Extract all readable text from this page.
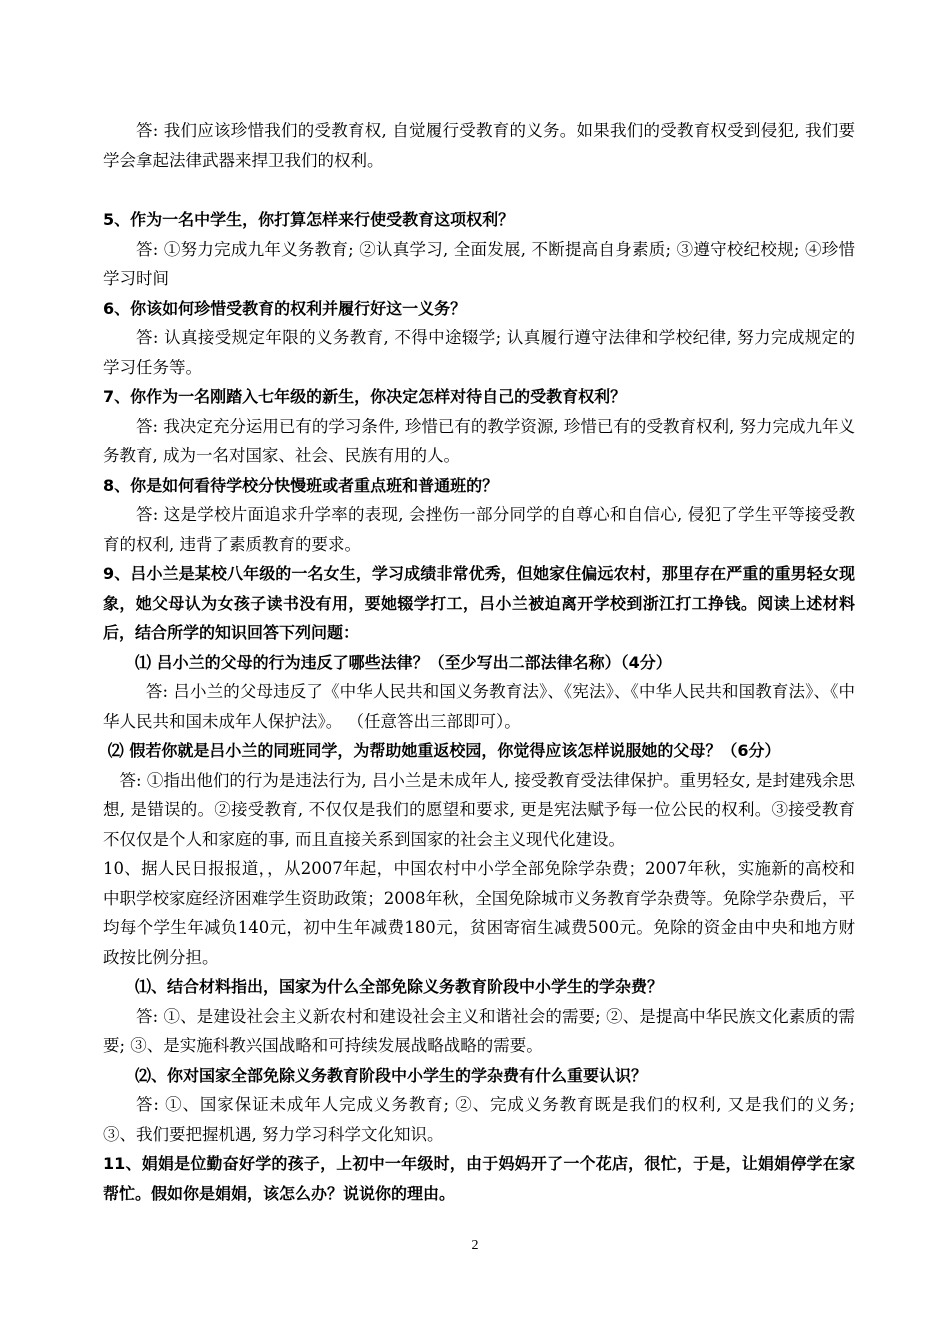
答: 我们应该珍惜我们的受教育权, 自觉履行受教育的义务。如果我们的受教育权受到侵犯, 我们要学会拿起法律武器来捍卫我们的权利。

5、作为一名中学生，你打算怎样来行使受教育这项权利？

答: ①努力完成九年义务教育; ②认真学习, 全面发展, 不断提高自身素质; ③遵守校纪校规; ④珍惜学习时间

6、你该如何珍惜受教育的权利并履行好这一义务？

答: 认真接受规定年限的义务教育, 不得中途辍学; 认真履行遵守法律和学校纪律, 努力完成规定的学习任务等。

7、你作为一名刚踏入七年级的新生，你决定怎样对待自己的受教育权利？

答: 我决定充分运用已有的学习条件, 珍惜已有的教学资源, 珍惜已有的受教育权利, 努力完成九年义务教育, 成为一名对国家、社会、民族有用的人。

8、你是如何看待学校分快慢班或者重点班和普通班的？

答: 这是学校片面追求升学率的表现, 会挫伤一部分同学的自尊心和自信心, 侵犯了学生平等接受教育的权利, 违背了素质教育的要求。

9、吕小兰是某校八年级的一名女生，学习成绩非常优秀，但她家住偏远农村，那里存在严重的重男轻女现象，她父母认为女孩子读书没有用，要她辍学打工，吕小兰被迫离开学校到浙江打工挣钱。阅读上述材料后，结合所学的知识回答下列问题：

⑴ 吕小兰的父母的行为违反了哪些法律？（至少写出二部法律名称）（4分）

答: 吕小兰的父母违反了《中华人民共和国义务教育法》、《宪法》、《中华人民共和国教育法》、《中华人民共和国未成年人保护法》。 （任意答出三部即可）。

⑵ 假若你就是吕小兰的同班同学，为帮助她重返校园，你觉得应该怎样说服她的父母？（6分）

答: ①指出他们的行为是违法行为, 吕小兰是未成年人, 接受教育受法律保护。重男轻女, 是封建残余思想, 是错误的。②接受教育, 不仅仅是我们的愿望和要求, 更是宪法赋予每一位公民的权利。③接受教育不仅仅是个人和家庭的事, 而且直接关系到国家的社会主义现代化建设。

10、据人民日报报道，，从2007年起，中国农村中小学全部免除学杂费；2007年秋，实施新的高校和中职学校家庭经济困难学生资助政策；2008年秋，全国免除城市义务教育学杂费等。免除学杂费后，平均每个学生年减负140元，初中生年减费180元，贫困寄宿生减费500元。免除的资金由中央和地方财政按比例分担。

⑴、结合材料指出，国家为什么全部免除义务教育阶段中小学生的学杂费？

答: ①、是建设社会主义新农村和建设社会主义和谐社会的需要; ②、是提高中华民族文化素质的需要; ③、是实施科教兴国战略和可持续发展战略战略的需要。

⑵、你对国家全部免除义务教育阶段中小学生的学杂费有什么重要认识？

答: ①、国家保证未成年人完成义务教育; ②、完成义务教育既是我们的权利, 又是我们的义务; ③、我们要把握机遇, 努力学习科学文化知识。

11、娟娟是位勤奋好学的孩子，上初中一年级时，由于妈妈开了一个花店，很忙，于是，让娟娟停学在家帮忙。假如你是娟娟，该怎么办？说说你的理由。

2
